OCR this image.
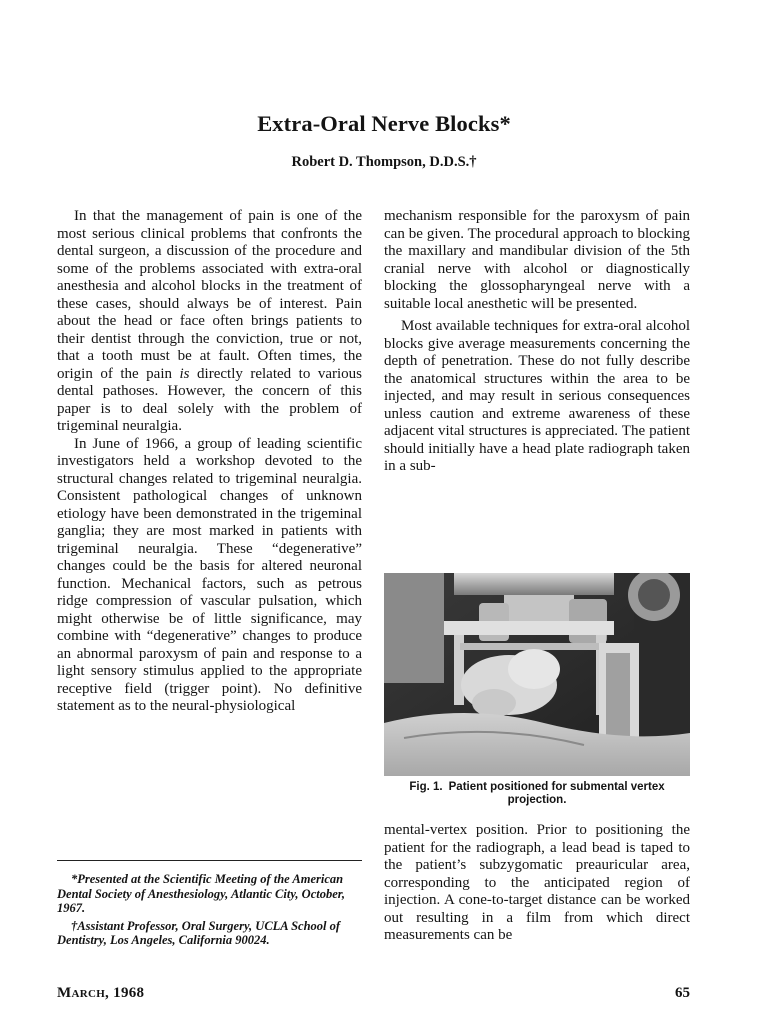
Extra-Oral Nerve Blocks*
Robert D. Thompson, D.D.S.†

In that the management of pain is one of the most serious clinical problems that confronts the dental surgeon, a discussion of the procedure and some of the problems associated with extra-oral anesthesia and alcohol blocks in the treatment of these cases, should always be of interest. Pain about the head or face often brings patients to their dentist through the conviction, true or not, that a tooth must be at fault. Often times, the origin of the pain is directly related to various dental pathoses. However, the concern of this paper is to deal solely with the problem of trigeminal neuralgia.

In June of 1966, a group of leading scientific investigators held a workshop devoted to the structural changes related to trigeminal neuralgia. Consistent pathological changes of unknown etiology have been demonstrated in the trigeminal ganglia; they are most marked in patients with trigeminal neuralgia. These “degenerative” changes could be the basis for altered neuronal function. Mechanical factors, such as petrous ridge compression of vascular pulsation, which might otherwise be of little significance, may combine with “degenerative” changes to produce an abnormal paroxysm of pain and response to a light sensory stimulus applied to the appropriate receptive field (trigger point). No definitive statement as to the neural-physiological

mechanism responsible for the paroxysm of pain can be given. The procedural approach to blocking the maxillary and mandibular division of the 5th cranial nerve with alcohol or diagnostically blocking the glossopharyngeal nerve with a suitable local anesthetic will be presented.

Most available techniques for extra-oral alcohol blocks give average measurements concerning the depth of penetration. These do not fully describe the anatomical structures within the area to be injected, and may result in serious consequences unless caution and extreme awareness of these adjacent vital structures is appreciated. The patient should initially have a head plate radiograph taken in a sub-

Fig. 1. Patient positioned for submental vertex projection.

mental-vertex position. Prior to positioning the patient for the radiograph, a lead bead is taped to the patient’s subzygomatic preauricular area, corresponding to the anticipated region of injection. A cone-to-target distance can be worked out resulting in a film from which direct measurements can be

*Presented at the Scientific Meeting of the American Dental Society of Anesthesiology, Atlantic City, October, 1967.

†Assistant Professor, Oral Surgery, UCLA School of Dentistry, Los Angeles, California 90024.

March, 1968	65
